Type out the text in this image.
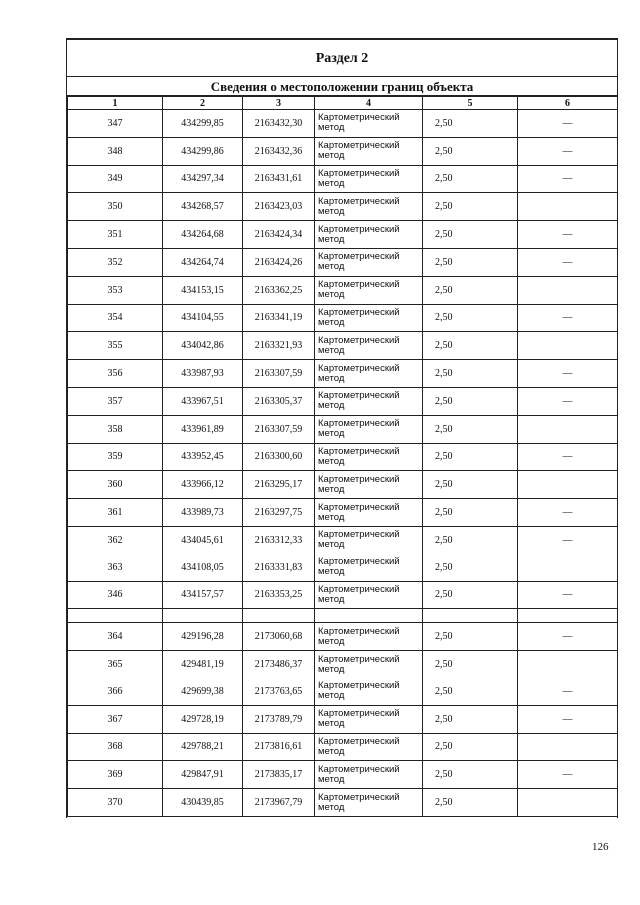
Раздел 2
Сведения о местоположении границ объекта
1	2	3	4	5	6
347	434299,85	2163432,30	Картометрический метод	2,50	—
348	434299,86	2163432,36	Картометрический метод	2,50	—
349	434297,34	2163431,61	Картометрический метод	2,50	—
350	434268,57	2163423,03	Картометрический метод	2,50	
351	434264,68	2163424,34	Картометрический метод	2,50	—
352	434264,74	2163424,26	Картометрический метод	2,50	—
353	434153,15	2163362,25	Картометрический метод	2,50	
354	434104,55	2163341,19	Картометрический метод	2,50	—
355	434042,86	2163321,93	Картометрический метод	2,50	
356	433987,93	2163307,59	Картометрический метод	2,50	—
357	433967,51	2163305,37	Картометрический метод	2,50	—
358	433961,89	2163307,59	Картометрический метод	2,50	
359	433952,45	2163300,60	Картометрический метод	2,50	—
360	433966,12	2163295,17	Картометрический метод	2,50	
361	433989,73	2163297,75	Картометрический метод	2,50	—
362	434045,61	2163312,33	Картометрический метод	2,50	—
363	434108,05	2163331,83	Картометрический метод	2,50	
346	434157,57	2163353,25	Картометрический метод	2,50	—

364	429196,28	2173060,68	Картометрический метод	2,50	—
365	429481,19	2173486,37	Картометрический метод	2,50	
366	429699,38	2173763,65	Картометрический метод	2,50	—
367	429728,19	2173789,79	Картометрический метод	2,50	—
368	429788,21	2173816,61	Картометрический метод	2,50	
369	429847,91	2173835,17	Картометрический метод	2,50	—
370	430439,85	2173967,79	Картометрический метод	2,50	
126
